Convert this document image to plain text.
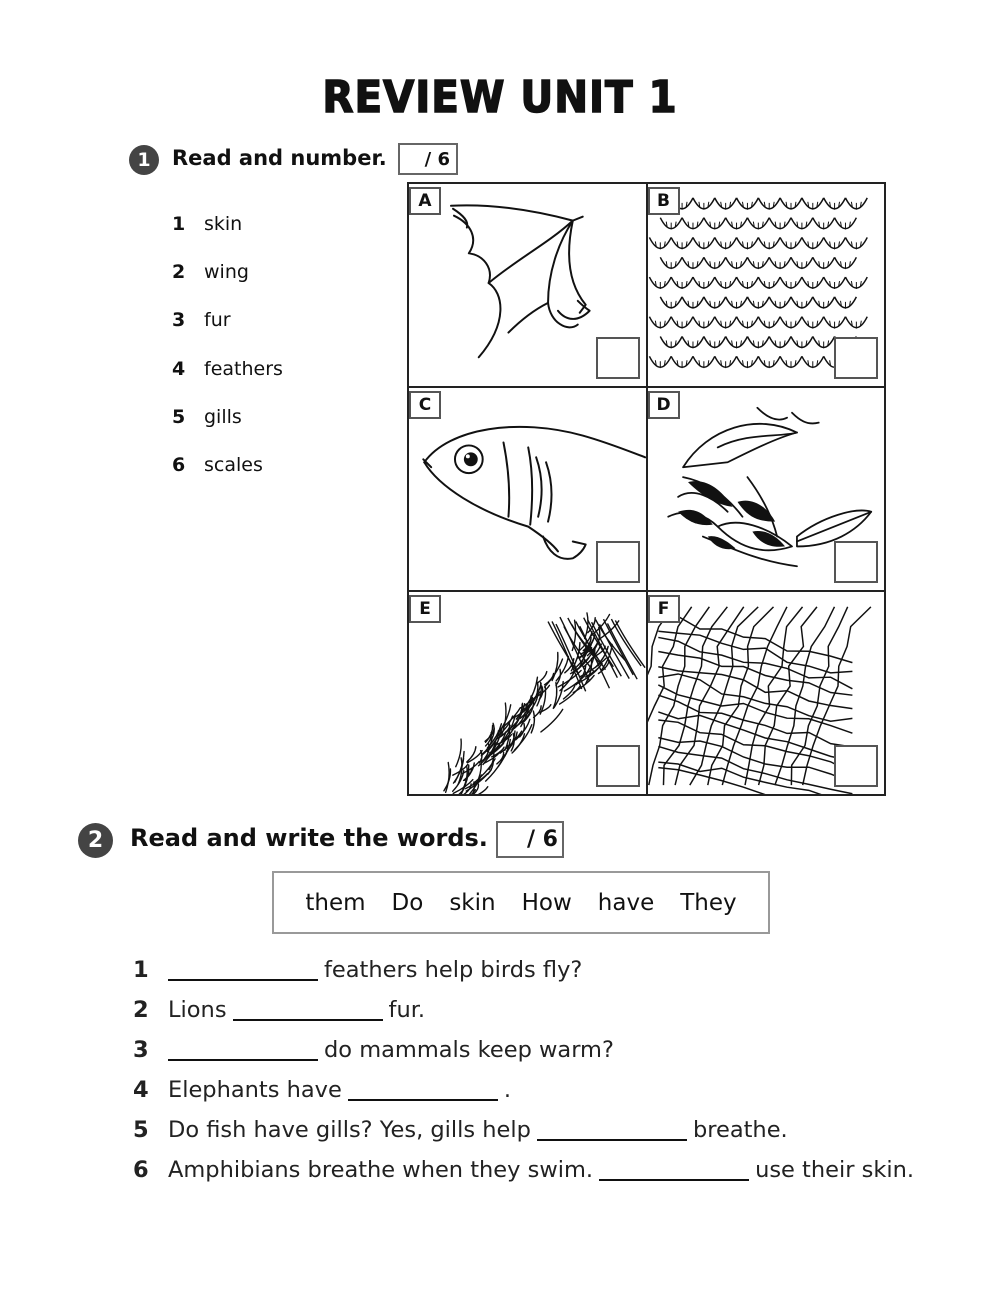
REVIEW UNIT 1
1	Read and number. / 6
1 skin
2 wing
3 fur
4 feathers
5 gills
6 scales
A	B
C	D
E	F
2	Read and write the words. / 6
them Do skin How have They
1	feathers help birds fly?
2 Lions	fur.
3	do mammals keep warm?
4 Elephants have	.
5 Do fish have gills? Yes, gills help	breathe.
6 Amphibians breathe when they swim.	use their skin.
